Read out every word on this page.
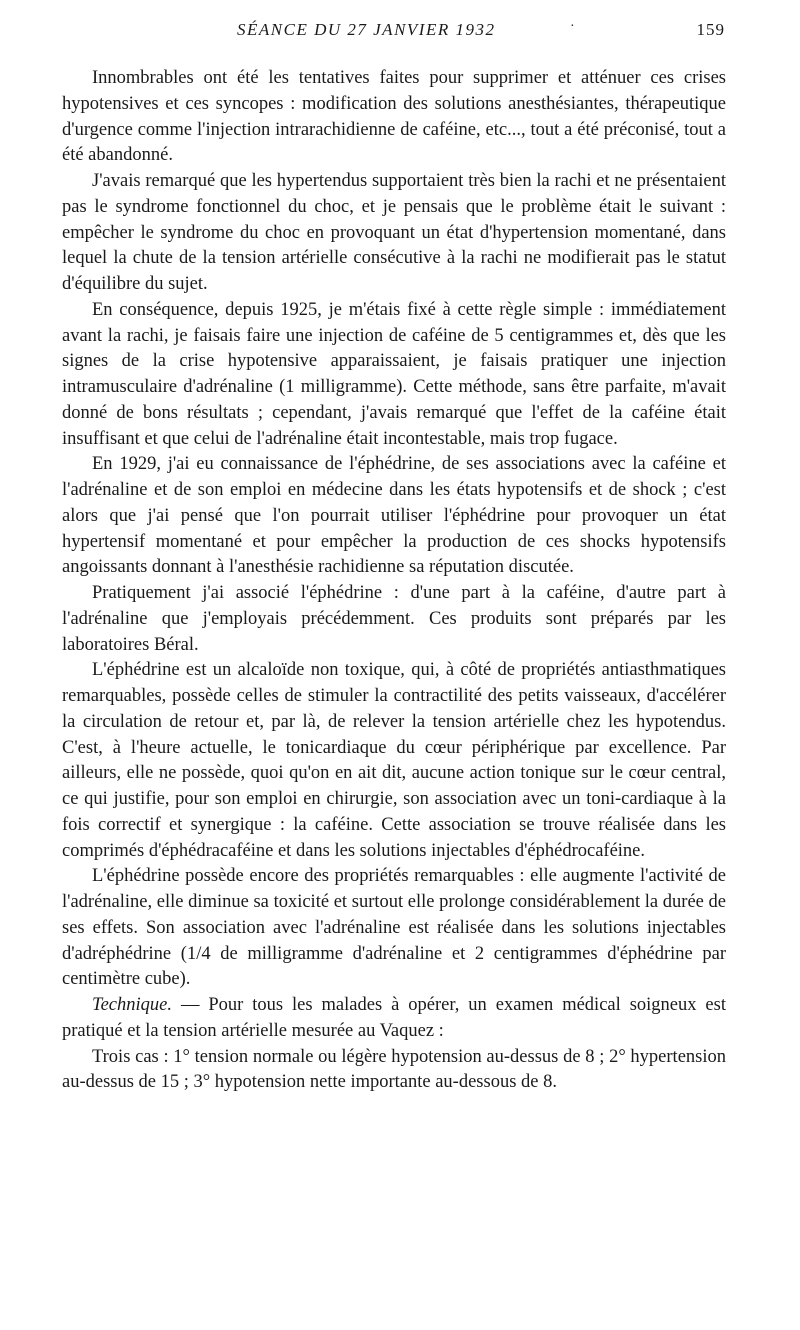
SÉANCE DU 27 JANVIER 1932	·	159

Innombrables ont été les tentatives faites pour supprimer et atténuer ces crises hypotensives et ces syncopes : modification des solutions anesthésiantes, thérapeutique d'urgence comme l'injection intrarachidienne de caféine, etc..., tout a été préconisé, tout a été abandonné.

J'avais remarqué que les hypertendus supportaient très bien la rachi et ne présentaient pas le syndrome fonctionnel du choc, et je pensais que le problème était le suivant : empêcher le syndrome du choc en provoquant un état d'hypertension momentané, dans lequel la chute de la tension artérielle consécutive à la rachi ne modifierait pas le statut d'équilibre du sujet.

En conséquence, depuis 1925, je m'étais fixé à cette règle simple : immédiatement avant la rachi, je faisais faire une injection de caféine de 5 centigrammes et, dès que les signes de la crise hypotensive apparaissaient, je faisais pratiquer une injection intramusculaire d'adrénaline (1 milligramme). Cette méthode, sans être parfaite, m'avait donné de bons résultats ; cependant, j'avais remarqué que l'effet de la caféine était insuffisant et que celui de l'adrénaline était incontestable, mais trop fugace.

En 1929, j'ai eu connaissance de l'éphédrine, de ses associations avec la caféine et l'adrénaline et de son emploi en médecine dans les états hypotensifs et de shock ; c'est alors que j'ai pensé que l'on pourrait utiliser l'éphédrine pour provoquer un état hypertensif momentané et pour empêcher la production de ces shocks hypotensifs angoissants donnant à l'anesthésie rachidienne sa réputation discutée.

Pratiquement j'ai associé l'éphédrine : d'une part à la caféine, d'autre part à l'adrénaline que j'employais précédemment. Ces produits sont préparés par les laboratoires Béral.

L'éphédrine est un alcaloïde non toxique, qui, à côté de propriétés antiasthmatiques remarquables, possède celles de stimuler la contractilité des petits vaisseaux, d'accélérer la circulation de retour et, par là, de relever la tension artérielle chez les hypotendus. C'est, à l'heure actuelle, le tonicardiaque du cœur périphérique par excellence. Par ailleurs, elle ne possède, quoi qu'on en ait dit, aucune action tonique sur le cœur central, ce qui justifie, pour son emploi en chirurgie, son association avec un toni-cardiaque à la fois correctif et synergique : la caféine. Cette association se trouve réalisée dans les comprimés d'éphédracaféine et dans les solutions injectables d'éphédrocaféine.

L'éphédrine possède encore des propriétés remarquables : elle augmente l'activité de l'adrénaline, elle diminue sa toxicité et surtout elle prolonge considérablement la durée de ses effets. Son association avec l'adrénaline est réalisée dans les solutions injectables d'adréphédrine (1/4 de milligramme d'adrénaline et 2 centigrammes d'éphédrine par centimètre cube).

Technique. — Pour tous les malades à opérer, un examen médical soigneux est pratiqué et la tension artérielle mesurée au Vaquez :

Trois cas : 1° tension normale ou légère hypotension au-dessus de 8 ; 2° hypertension au-dessus de 15 ; 3° hypotension nette importante au-dessous de 8.
